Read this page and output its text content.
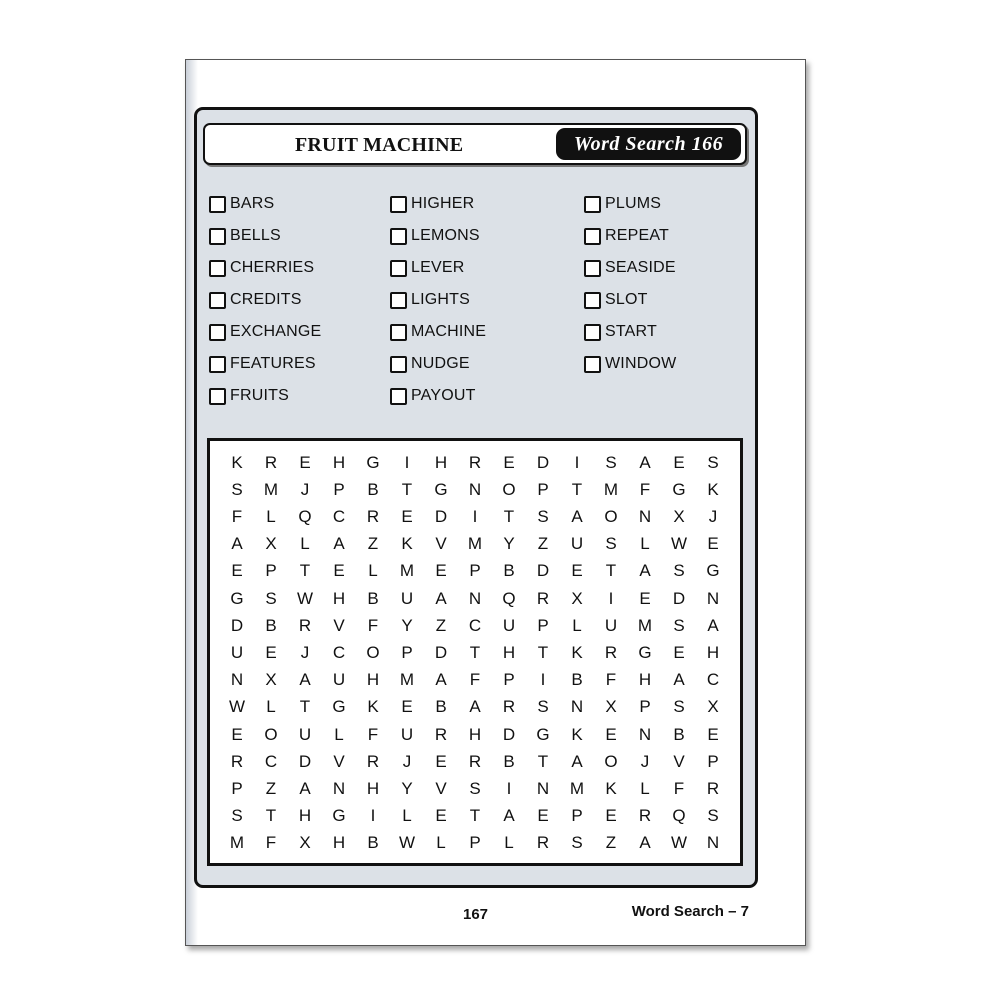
FRUIT MACHINE	Word Search 166
BARS
BELLS
CHERRIES
CREDITS
EXCHANGE
FEATURES
FRUITS
HIGHER
LEMONS
LEVER
LIGHTS
MACHINE
NUDGE
PAYOUT
PLUMS
REPEAT
SEASIDE
SLOT
START
WINDOW
K	R	E	H	G	I	H	R	E	D	I	S	A	E	S
S	M	J	P	B	T	G	N	O	P	T	M	F	G	K
F	L	Q	C	R	E	D	I	T	S	A	O	N	X	J
A	X	L	A	Z	K	V	M	Y	Z	U	S	L	W	E
E	P	T	E	L	M	E	P	B	D	E	T	A	S	G
G	S	W	H	B	U	A	N	Q	R	X	I	E	D	N
D	B	R	V	F	Y	Z	C	U	P	L	U	M	S	A
U	E	J	C	O	P	D	T	H	T	K	R	G	E	H
N	X	A	U	H	M	A	F	P	I	B	F	H	A	C
W	L	T	G	K	E	B	A	R	S	N	X	P	S	X
E	O	U	L	F	U	R	H	D	G	K	E	N	B	E
R	C	D	V	R	J	E	R	B	T	A	O	J	V	P
P	Z	A	N	H	Y	V	S	I	N	M	K	L	F	R
S	T	H	G	I	L	E	T	A	E	P	E	R	Q	S
M	F	X	H	B	W	L	P	L	R	S	Z	A	W	N
167	Word Search – 7
